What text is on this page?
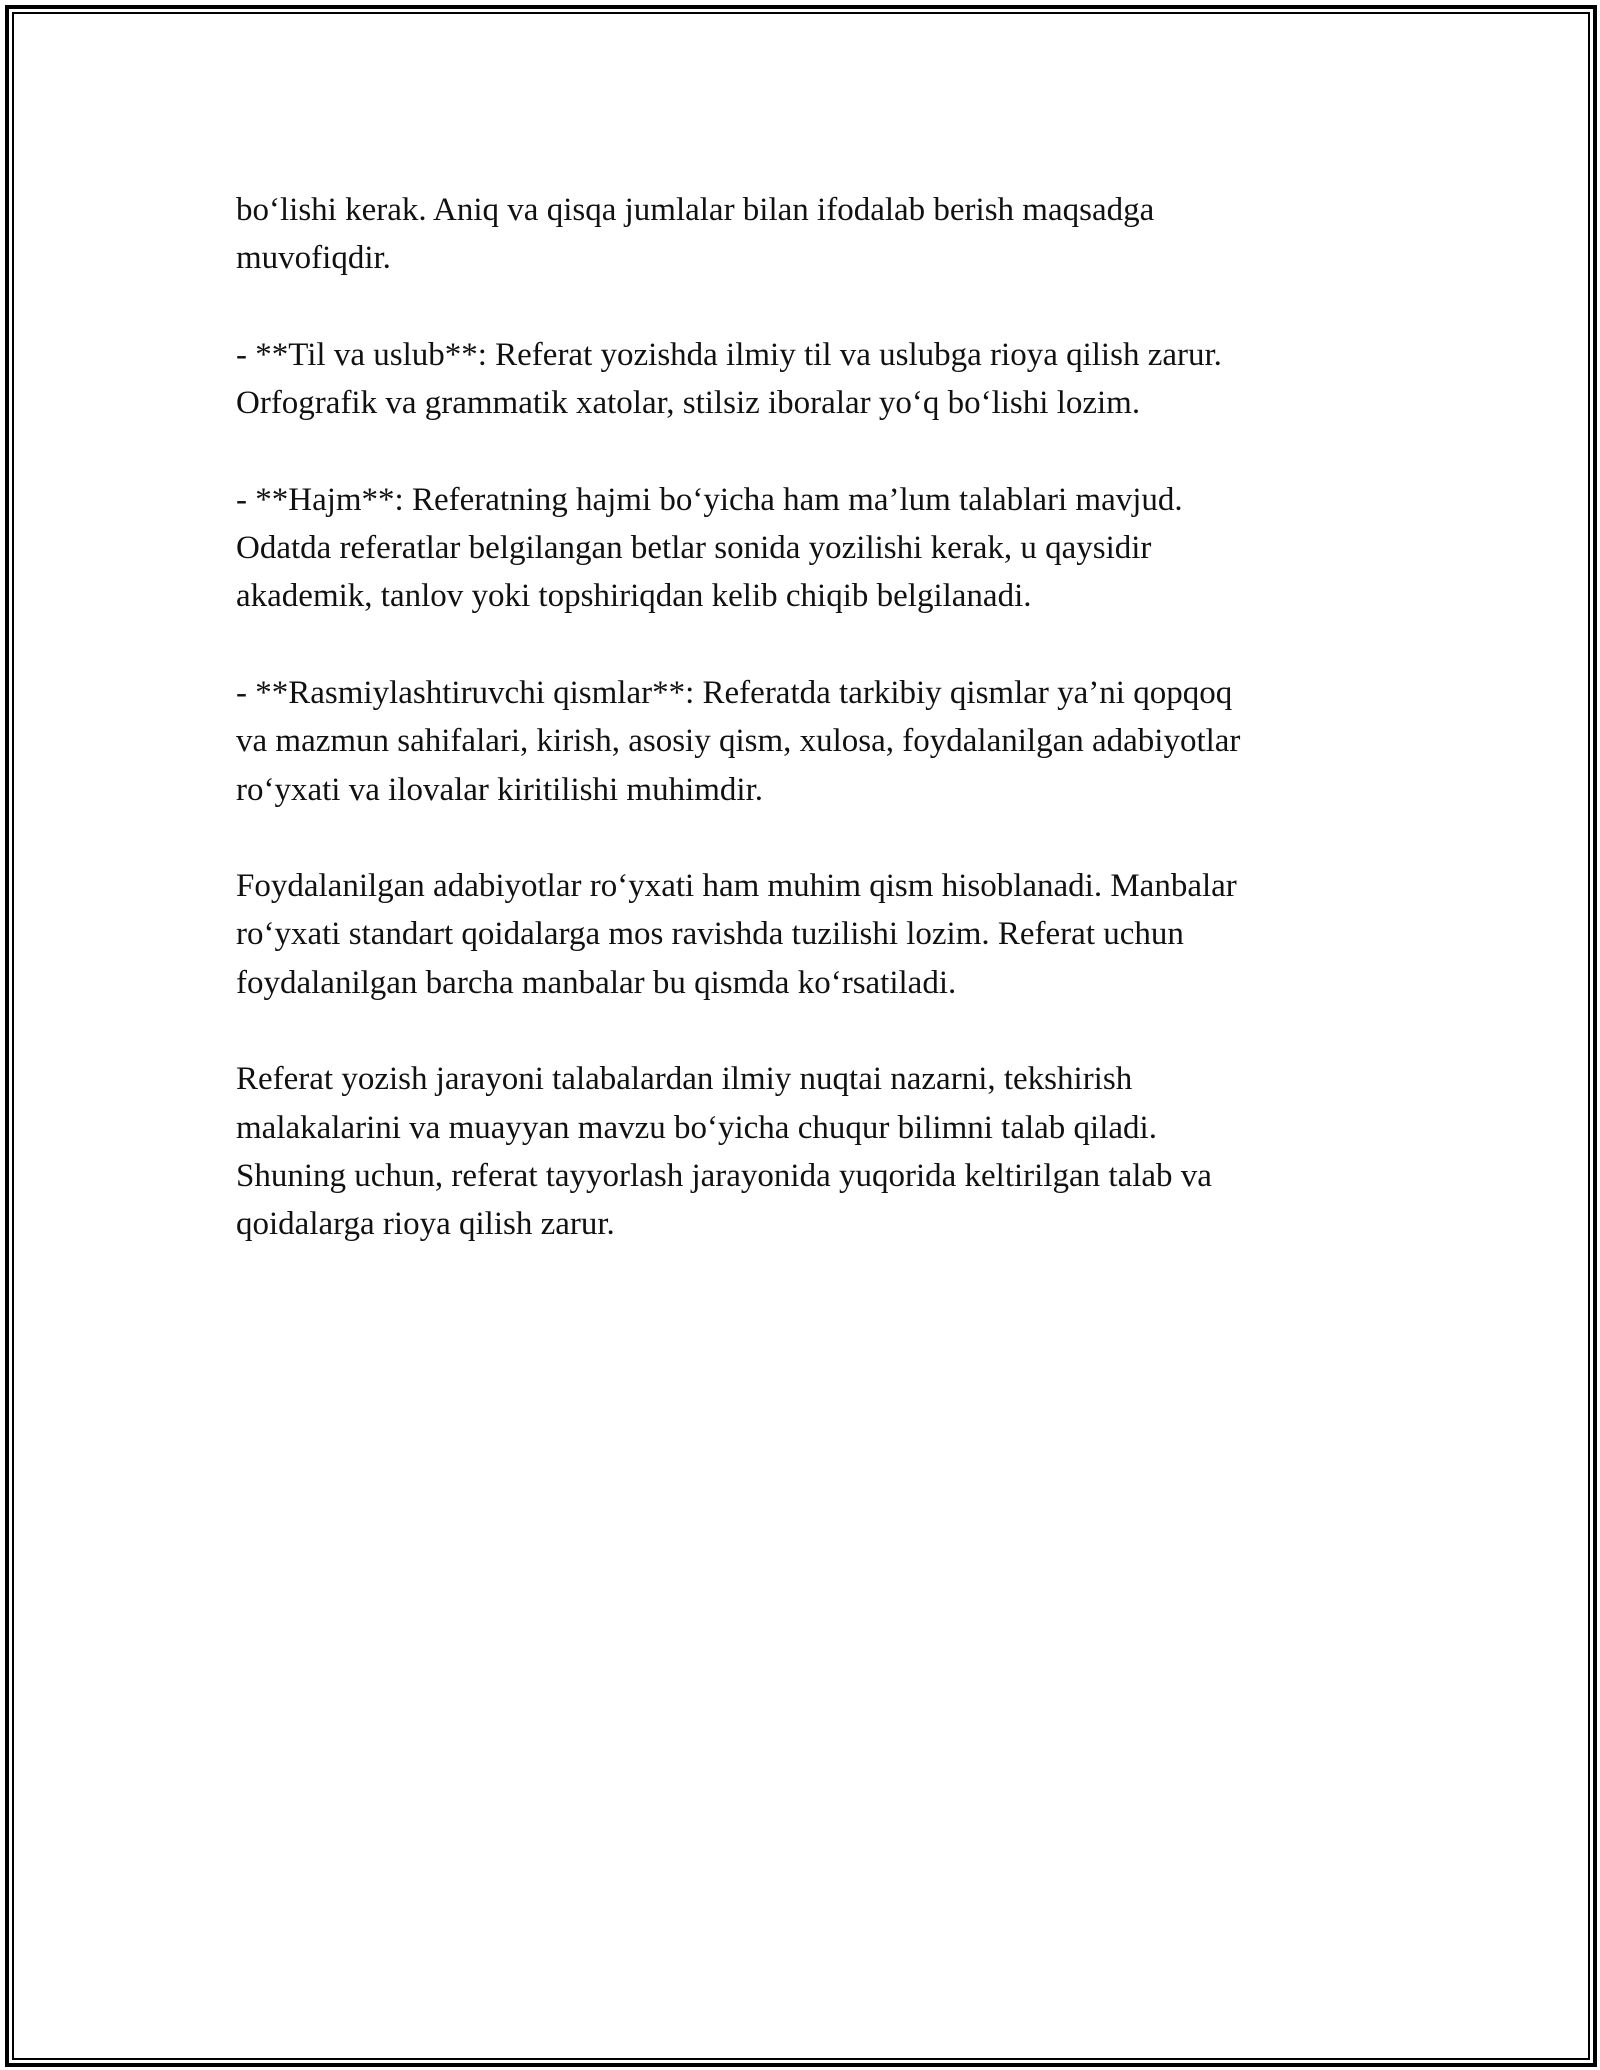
bo‘lishi kerak. Aniq va qisqa jumlalar bilan ifodalab berish maqsadga
muvofiqdir.

- **Til va uslub**: Referat yozishda ilmiy til va uslubga rioya qilish zarur.
Orfografik va grammatik xatolar, stilsiz iboralar yo‘q bo‘lishi lozim.

- **Hajm**: Referatning hajmi bo‘yicha ham ma’lum talablari mavjud.
Odatda referatlar belgilangan betlar sonida yozilishi kerak, u qaysidir
akademik, tanlov yoki topshiriqdan kelib chiqib belgilanadi.

- **Rasmiylashtiruvchi qismlar**: Referatda tarkibiy qismlar ya’ni qopqoq
va mazmun sahifalari, kirish, asosiy qism, xulosa, foydalanilgan adabiyotlar
ro‘yxati va ilovalar kiritilishi muhimdir.

Foydalanilgan adabiyotlar ro‘yxati ham muhim qism hisoblanadi. Manbalar
ro‘yxati standart qoidalarga mos ravishda tuzilishi lozim. Referat uchun
foydalanilgan barcha manbalar bu qismda ko‘rsatiladi.

Referat yozish jarayoni talabalardan ilmiy nuqtai nazarni, tekshirish
malakalarini va muayyan mavzu bo‘yicha chuqur bilimni talab qiladi.
Shuning uchun, referat tayyorlash jarayonida yuqorida keltirilgan talab va
qoidalarga rioya qilish zarur.
